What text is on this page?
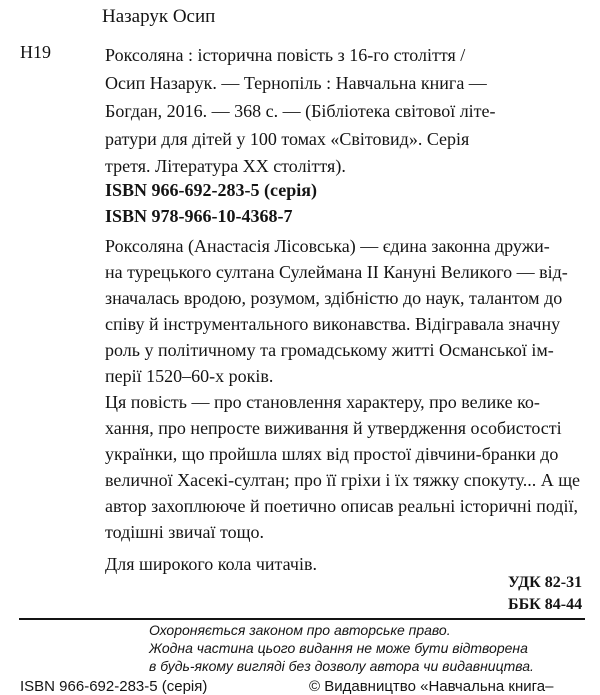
Назарук Осип
Н19	Роксоляна : історична повість з 16-го століття /
Осип Назарук. — Тернопіль : Навчальна книга —
Богдан, 2016. — 368 с. — (Бібліотека світової літе-
ратури для дітей у 100 томах «Світовид». Серія
третя. Література XX століття).
ISBN 966-692-283-5 (серія)
ISBN 978-966-10-4368-7
Роксоляна (Анастасія Лісовська) — єдина законна дружи-
на турецького султана Сулеймана II Кануні Великого — від-
значалась вродою, розумом, здібністю до наук, талантом до
співу й інструментального виконавства. Відігравала значну
роль у політичному та громадському житті Османської ім-
перії 1520–60-х років.
Ця повість — про становлення характеру, про велике ко-
хання, про непросте виживання й утвердження особистості
українки, що пройшла шлях від простої дівчини-бранки до
величної Хасекі-султан; про її гріхи і їх тяжку спокуту... А ще
автор захоплююче й поетично описав реальні історичні події,
тодішні звичаї тощо.
Для широкого кола читачів.
УДК 82-31
ББК 84-44
Охороняється законом про авторське право.
Жодна частина цього видання не може бути відтворена
в будь-якому вигляді без дозволу автора чи видавництва.
ISBN 966-692-283-5 (серія)	© Видавництво «Навчальна книга–
